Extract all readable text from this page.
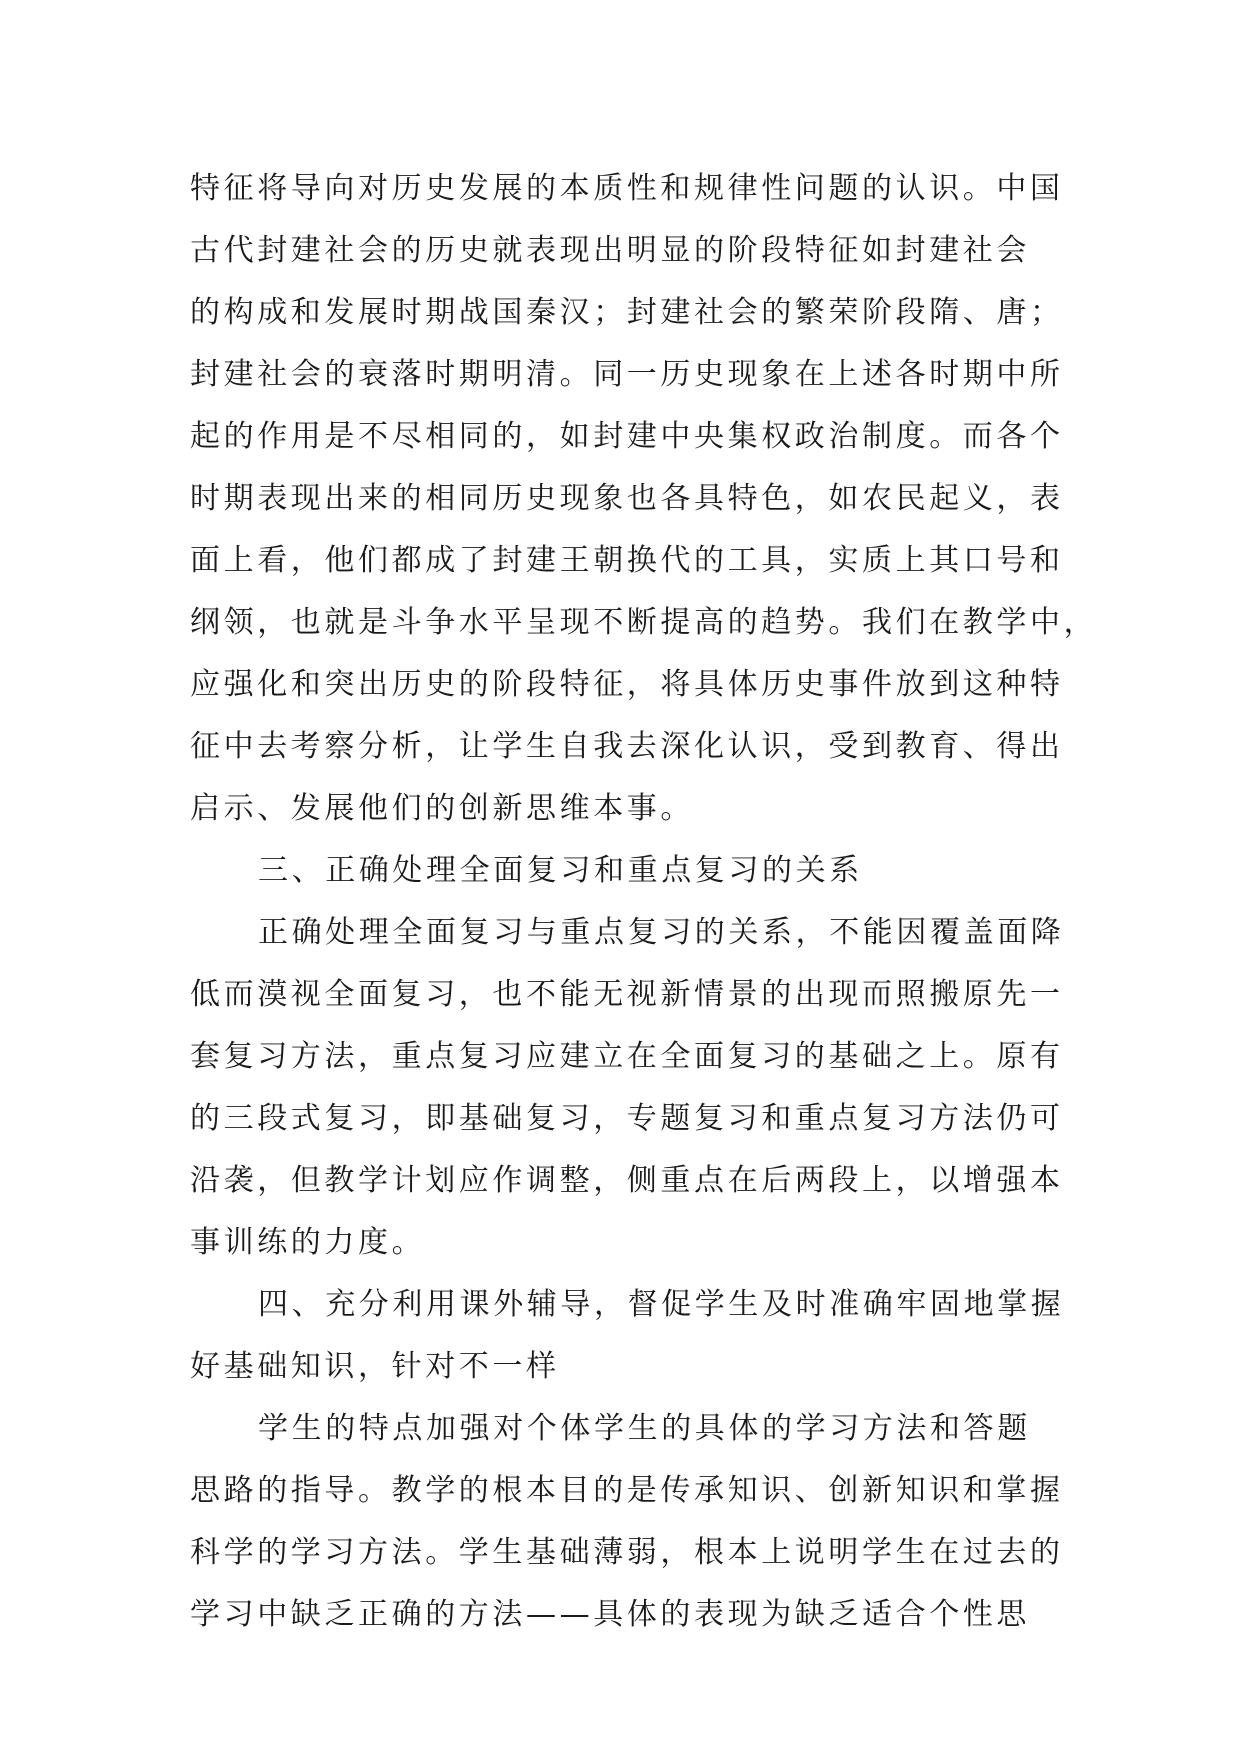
特征将导向对历史发展的本质性和规律性问题的认识。中国
古代封建社会的历史就表现出明显的阶段特征如封建社会
的构成和发展时期战国秦汉；封建社会的繁荣阶段隋、唐；
封建社会的衰落时期明清。同一历史现象在上述各时期中所
起的作用是不尽相同的，如封建中央集权政治制度。而各个
时期表现出来的相同历史现象也各具特色，如农民起义，表
面上看，他们都成了封建王朝换代的工具，实质上其口号和
纲领，也就是斗争水平呈现不断提高的趋势。我们在教学中，
应强化和突出历史的阶段特征，将具体历史事件放到这种特
征中去考察分析，让学生自我去深化认识，受到教育、得出
启示、发展他们的创新思维本事。
三、正确处理全面复习和重点复习的关系
正确处理全面复习与重点复习的关系，不能因覆盖面降
低而漠视全面复习，也不能无视新情景的出现而照搬原先一
套复习方法，重点复习应建立在全面复习的基础之上。原有
的三段式复习，即基础复习，专题复习和重点复习方法仍可
沿袭，但教学计划应作调整，侧重点在后两段上，以增强本
事训练的力度。
四、充分利用课外辅导，督促学生及时准确牢固地掌握
好基础知识，针对不一样
学生的特点加强对个体学生的具体的学习方法和答题
思路的指导。教学的根本目的是传承知识、创新知识和掌握
科学的学习方法。学生基础薄弱，根本上说明学生在过去的
学习中缺乏正确的方法——具体的表现为缺乏适合个性思
